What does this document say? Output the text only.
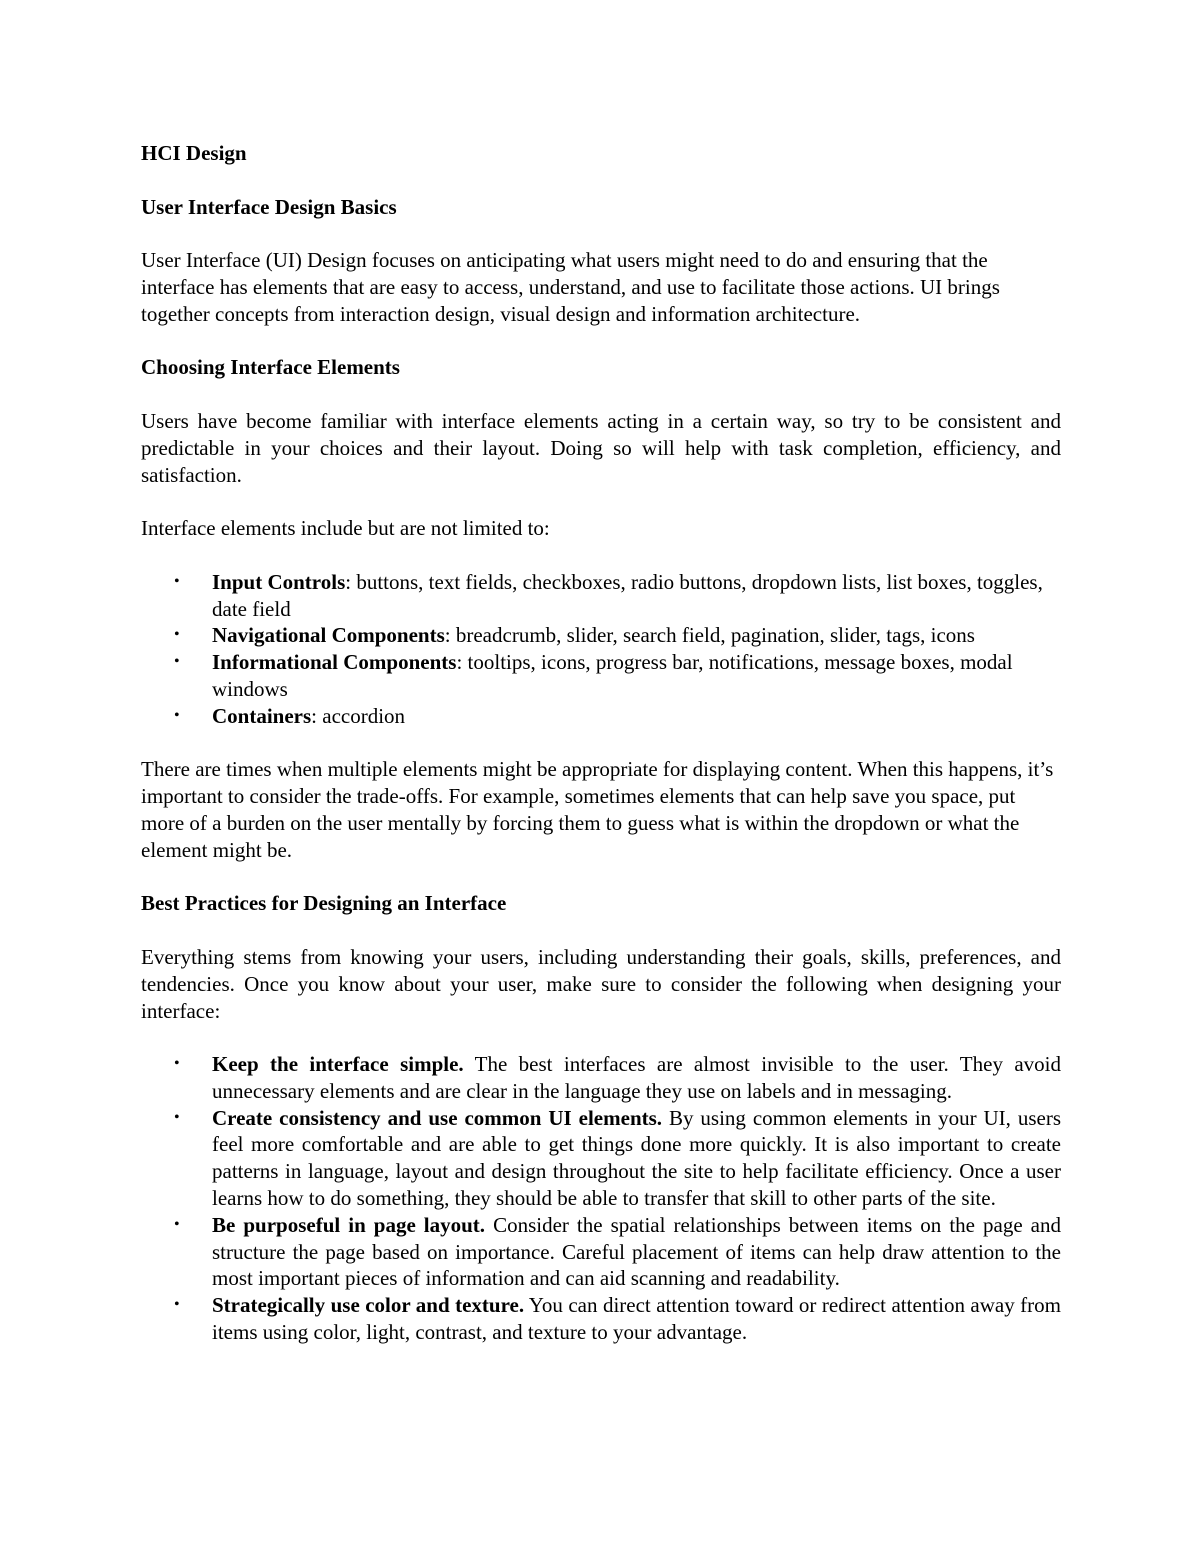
HCI Design
User Interface Design Basics
User Interface (UI) Design focuses on anticipating what users might need to do and ensuring that the interface has elements that are easy to access, understand, and use to facilitate those actions. UI brings together concepts from interaction design, visual design and information architecture.
Choosing Interface Elements
Users have become familiar with interface elements acting in a certain way, so try to be consistent and predictable in your choices and their layout. Doing so will help with task completion, efficiency, and satisfaction.
Interface elements include but are not limited to:
• Input Controls: buttons, text fields, checkboxes, radio buttons, dropdown lists, list boxes, toggles, date field
• Navigational Components: breadcrumb, slider, search field, pagination, slider, tags, icons
• Informational Components: tooltips, icons, progress bar, notifications, message boxes, modal windows
• Containers: accordion
There are times when multiple elements might be appropriate for displaying content. When this happens, it’s important to consider the trade-offs. For example, sometimes elements that can help save you space, put more of a burden on the user mentally by forcing them to guess what is within the dropdown or what the element might be.
Best Practices for Designing an Interface
Everything stems from knowing your users, including understanding their goals, skills, preferences, and tendencies. Once you know about your user, make sure to consider the following when designing your interface:
• Keep the interface simple. The best interfaces are almost invisible to the user. They avoid unnecessary elements and are clear in the language they use on labels and in messaging.
• Create consistency and use common UI elements. By using common elements in your UI, users feel more comfortable and are able to get things done more quickly. It is also important to create patterns in language, layout and design throughout the site to help facilitate efficiency. Once a user learns how to do something, they should be able to transfer that skill to other parts of the site.
• Be purposeful in page layout. Consider the spatial relationships between items on the page and structure the page based on importance. Careful placement of items can help draw attention to the most important pieces of information and can aid scanning and readability.
• Strategically use color and texture. You can direct attention toward or redirect attention away from items using color, light, contrast, and texture to your advantage.
